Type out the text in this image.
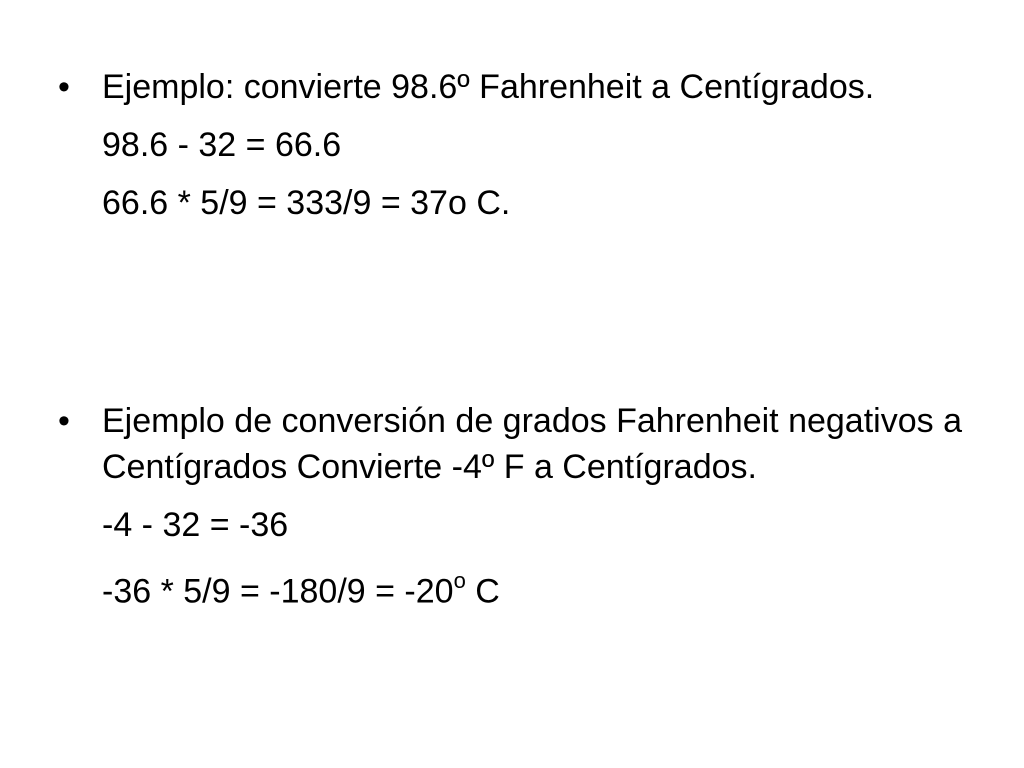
• Ejemplo: convierte 98.6º Fahrenheit a Centígrados.
98.6 - 32 = 66.6
66.6 * 5/9 = 333/9 = 37o C.
• Ejemplo de conversión de grados Fahrenheit negativos a Centígrados Convierte -4º F a Centígrados.
-4 - 32 = -36
$-36 * 5/9 = -180/9 = -20^o$ C
